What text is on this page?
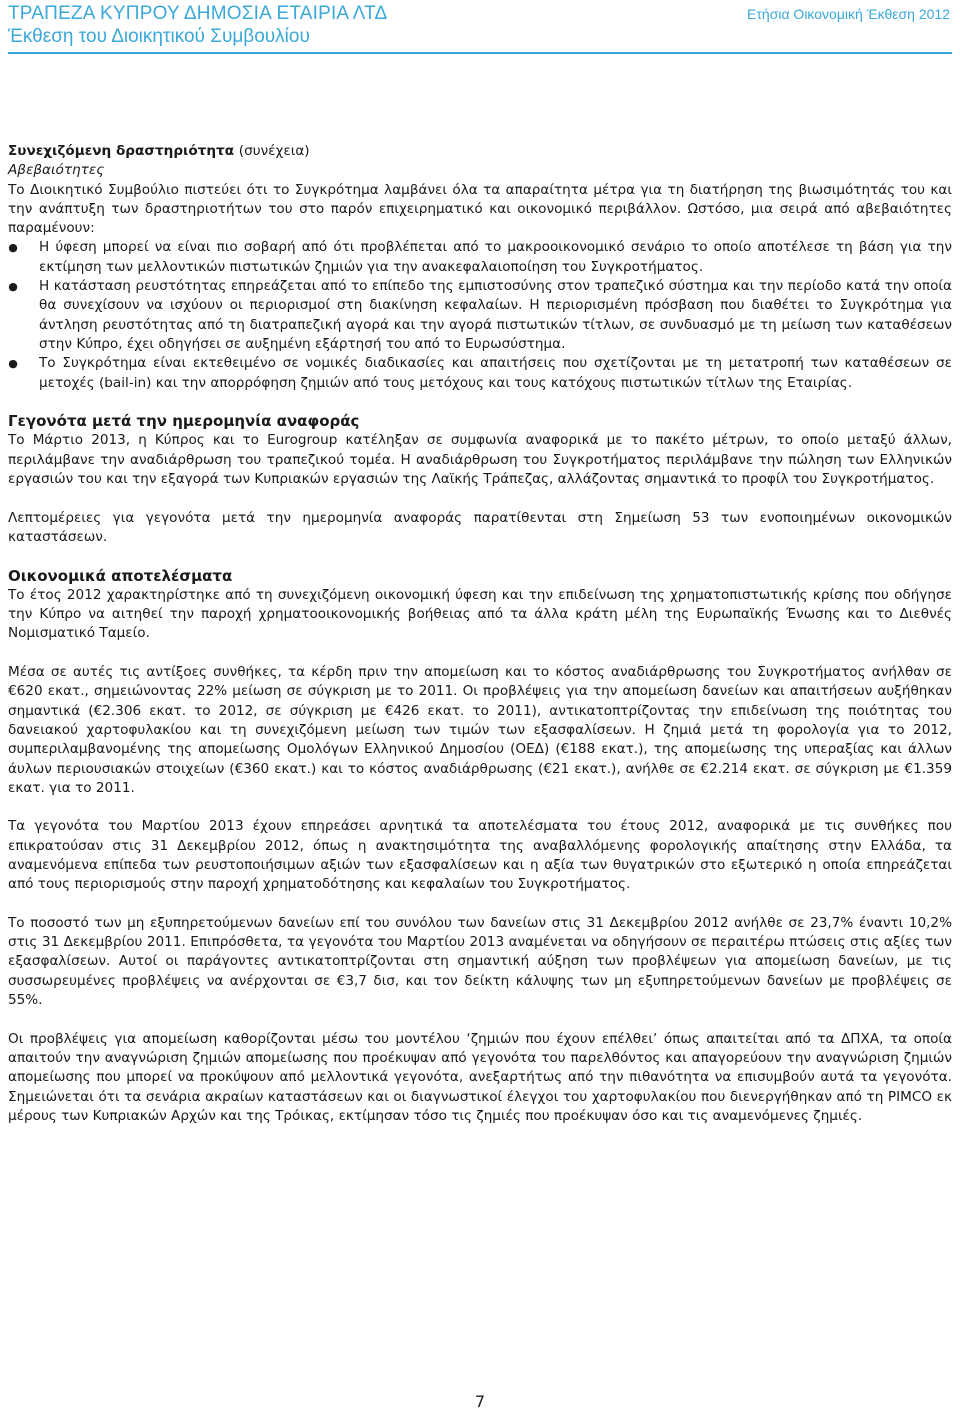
ΤΡΑΠΕΖΑ ΚΥΠΡΟΥ ΔΗΜΟΣΙΑ ΕΤΑΙΡΙΑ ΛΤΔ
Έκθεση του Διοικητικού Συμβουλίου
Ετήσια Οικονομική Έκθεση 2012
Συνεχιζόμενη δραστηριότητα (συνέχεια)

Αβεβαιότητες

Το Διοικητικό Συμβούλιο πιστεύει ότι το Συγκρότημα λαμβάνει όλα τα απαραίτητα μέτρα για τη διατήρηση της βιωσιμότητάς του και την ανάπτυξη των δραστηριοτήτων του στο παρόν επιχειρηματικό και οικονομικό περιβάλλον. Ωστόσο, μια σειρά από αβεβαιότητες παραμένουν:

● Η ύφεση μπορεί να είναι πιο σοβαρή από ότι προβλέπεται από το μακροοικονομικό σενάριο το οποίο αποτέλεσε τη βάση για την εκτίμηση των μελλοντικών πιστωτικών ζημιών για την ανακεφαλαιοποίηση του Συγκροτήματος.
● Η κατάσταση ρευστότητας επηρεάζεται από το επίπεδο της εμπιστοσύνης στον τραπεζικό σύστημα και την περίοδο κατά την οποία θα συνεχίσουν να ισχύουν οι περιορισμοί στη διακίνηση κεφαλαίων. Η περιορισμένη πρόσβαση που διαθέτει το Συγκρότημα για άντληση ρευστότητας από τη διατραπεζική αγορά και την αγορά πιστωτικών τίτλων, σε συνδυασμό με τη μείωση των καταθέσεων στην Κύπρο, έχει οδηγήσει σε αυξημένη εξάρτησή του από το Ευρωσύστημα.
● Το Συγκρότημα είναι εκτεθειμένο σε νομικές διαδικασίες και απαιτήσεις που σχετίζονται με τη μετατροπή των καταθέσεων σε μετοχές (bail-in) και την απορρόφηση ζημιών από τους μετόχους και τους κατόχους πιστωτικών τίτλων της Εταιρίας.
Γεγονότα μετά την ημερομηνία αναφοράς

Το Μάρτιο 2013, η Κύπρος και το Eurogroup κατέληξαν σε συμφωνία αναφορικά με το πακέτο μέτρων, το οποίο μεταξύ άλλων, περιλάμβανε την αναδιάρθρωση του τραπεζικού τομέα. Η αναδιάρθρωση του Συγκροτήματος περιλάμβανε την πώληση των Ελληνικών εργασιών του και την εξαγορά των Κυπριακών εργασιών της Λαϊκής Τράπεζας, αλλάζοντας σημαντικά το προφίλ του Συγκροτήματος.

Λεπτομέρειες για γεγονότα μετά την ημερομηνία αναφοράς παρατίθενται στη Σημείωση 53 των ενοποιημένων οικονομικών καταστάσεων.

Οικονομικά αποτελέσματα

Το έτος 2012 χαρακτηρίστηκε από τη συνεχιζόμενη οικονομική ύφεση και την επιδείνωση της χρηματοπιστωτικής κρίσης που οδήγησε την Κύπρο να αιτηθεί την παροχή χρηματοοικονομικής βοήθειας από τα άλλα κράτη μέλη της Ευρωπαϊκής Ένωσης και το Διεθνές Νομισματικό Ταμείο.

Μέσα σε αυτές τις αντίξοες συνθήκες, τα κέρδη πριν την απομείωση και το κόστος αναδιάρθρωσης του Συγκροτήματος ανήλθαν σε €620 εκατ., σημειώνοντας 22% μείωση σε σύγκριση με το 2011. Οι προβλέψεις για την απομείωση δανείων και απαιτήσεων αυξήθηκαν σημαντικά (€2.306 εκατ. το 2012, σε σύγκριση με €426 εκατ. το 2011), αντικατοπτρίζοντας την επιδείνωση της ποιότητας του δανειακού χαρτοφυλακίου και τη συνεχιζόμενη μείωση των τιμών των εξασφαλίσεων. Η ζημιά μετά τη φορολογία για το 2012, συμπεριλαμβανομένης της απομείωσης Ομολόγων Ελληνικού Δημοσίου (ΟΕΔ) (€188 εκατ.), της απομείωσης της υπεραξίας και άλλων άυλων περιουσιακών στοιχείων (€360 εκατ.) και το κόστος αναδιάρθρωσης (€21 εκατ.), ανήλθε σε €2.214 εκατ. σε σύγκριση με €1.359 εκατ. για το 2011.

Τα γεγονότα του Μαρτίου 2013 έχουν επηρεάσει αρνητικά τα αποτελέσματα του έτους 2012, αναφορικά με τις συνθήκες που επικρατούσαν στις 31 Δεκεμβρίου 2012, όπως η ανακτησιμότητα της αναβαλλόμενης φορολογικής απαίτησης στην Ελλάδα, τα αναμενόμενα επίπεδα των ρευστοποιήσιμων αξιών των εξασφαλίσεων και η αξία των θυγατρικών στο εξωτερικό η οποία επηρεάζεται από τους περιορισμούς στην παροχή χρηματοδότησης και κεφαλαίων του Συγκροτήματος.

Το ποσοστό των μη εξυπηρετούμενων δανείων επί του συνόλου των δανείων στις 31 Δεκεμβρίου 2012 ανήλθε σε 23,7% έναντι 10,2% στις 31 Δεκεμβρίου 2011. Επιπρόσθετα, τα γεγονότα του Μαρτίου 2013 αναμένεται να οδηγήσουν σε περαιτέρω πτώσεις στις αξίες των εξασφαλίσεων. Αυτοί οι παράγοντες αντικατοπτρίζονται στη σημαντική αύξηση των προβλέψεων για απομείωση δανείων, με τις συσσωρευμένες προβλέψεις να ανέρχονται σε €3,7 δισ, και τον δείκτη κάλυψης των μη εξυπηρετούμενων δανείων με προβλέψεις σε 55%.

Οι προβλέψεις για απομείωση καθορίζονται μέσω του μοντέλου ‘ζημιών που έχουν επέλθει’ όπως απαιτείται από τα ΔΠΧΑ, τα οποία απαιτούν την αναγνώριση ζημιών απομείωσης που προέκυψαν από γεγονότα του παρελθόντος και απαγορεύουν την αναγνώριση ζημιών απομείωσης που μπορεί να προκύψουν από μελλοντικά γεγονότα, ανεξαρτήτως από την πιθανότητα να επισυμβούν αυτά τα γεγονότα. Σημειώνεται ότι τα σενάρια ακραίων καταστάσεων και οι διαγνωστικοί έλεγχοι του χαρτοφυλακίου που διενεργήθηκαν από τη PIMCO εκ μέρους των Κυπριακών Αρχών και της Τρόικας, εκτίμησαν τόσο τις ζημιές που προέκυψαν όσο και τις αναμενόμενες ζημιές.

7
